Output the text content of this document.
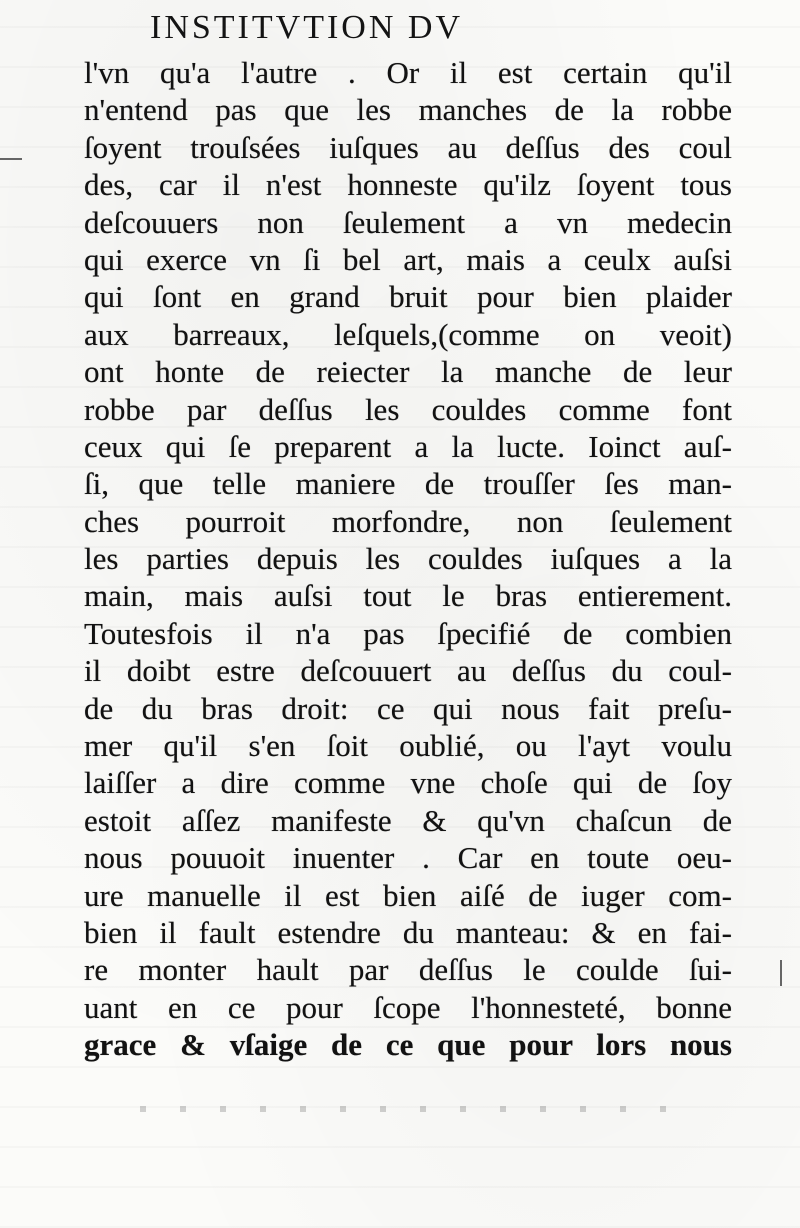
INSTITVTION DV
l'vn qu'a l'autre . Or il est certain qu'il
n'entend pas que les manches de la robbe
ſoyent trouſsées iuſques au deſſus des coul
des, car il n'est honneste qu'ilz ſoyent tous
deſcouuers non ſeulement a vn medecin
qui exerce vn ſi bel art, mais a ceulx auſsi
qui ſont en grand bruit pour bien plaider
aux barreaux, leſquels,(comme on veoit)
ont honte de reiecter la manche de leur
robbe par deſſus les couldes comme font
ceux qui ſe preparent a la lucte. Ioinct auſ-
ſi, que telle maniere de trouſſer ſes man-
ches pourroit morfondre, non ſeulement
les parties depuis les couldes iuſques a la
main, mais auſsi tout le bras entierement.
Toutesfois il n'a pas ſpecifié de combien
il doibt estre deſcouuert au deſſus du coul-
de du bras droit: ce qui nous fait preſu-
mer qu'il s'en ſoit oublié, ou l'ayt voulu
laiſſer a dire comme vne choſe qui de ſoy
estoit aſſez manifeste & qu'vn chaſcun de
nous pouuoit inuenter . Car en toute oeu-
ure manuelle il est bien aiſé de iuger com-
bien il fault estendre du manteau: & en fai-
re monter hault par deſſus le coulde ſui-
uant en ce pour ſcope l'honnesteté, bonne
grace & vſaige de ce que pour lors nous
